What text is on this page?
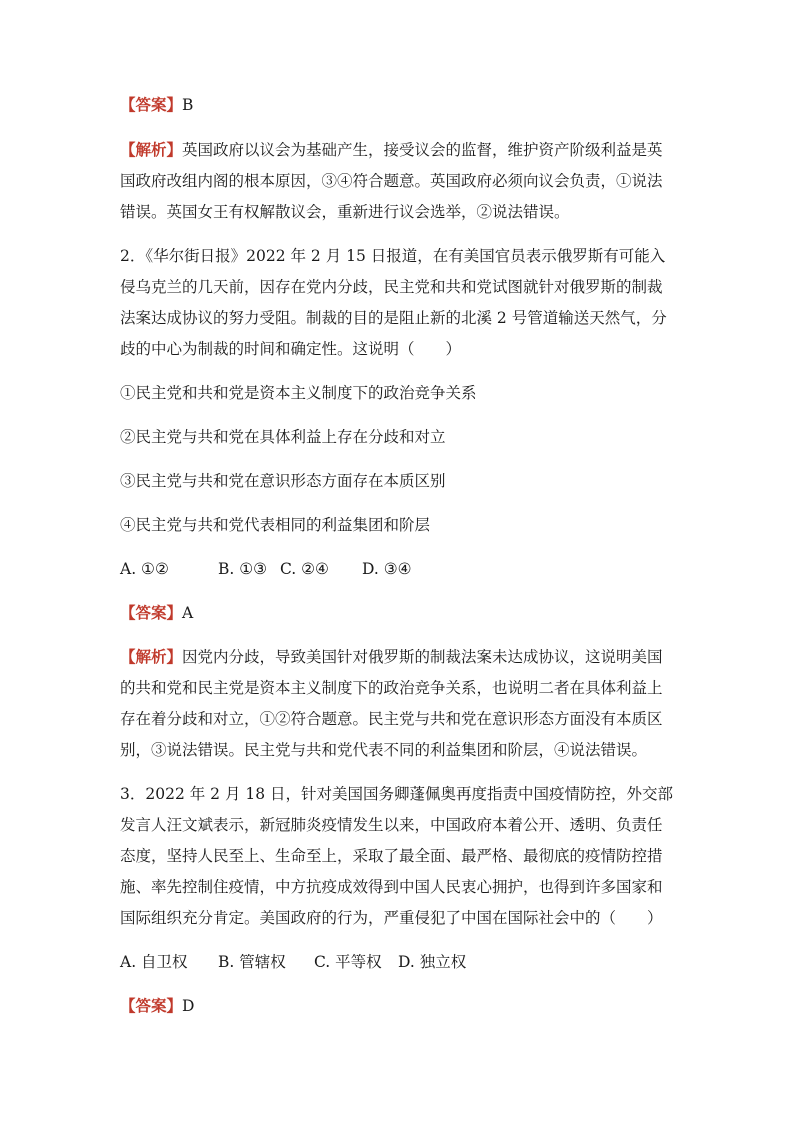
【答案】B

【解析】英国政府以议会为基础产生，接受议会的监督，维护资产阶级利益是英
国政府改组内阁的根本原因，③④符合题意。英国政府必须向议会负责，①说法
错误。英国女王有权解散议会，重新进行议会选举，②说法错误。
2．《华尔街日报》2022 年 2 月 15 日报道，在有美国官员表示俄罗斯有可能入
侵乌克兰的几天前，因存在党内分歧，民主党和共和党试图就针对俄罗斯的制裁
法案达成协议的努力受阻。制裁的目的是阻止新的北溪 2 号管道输送天然气，分
歧的中心为制裁的时间和确定性。这说明（　　）

①民主党和共和党是资本主义制度下的政治竞争关系

②民主党与共和党在具体利益上存在分歧和对立

③民主党与共和党在意识形态方面存在本质区别

④民主党与共和党代表相同的利益集团和阶层

A. ①②	B. ①③ C. ②④ D. ③④

【答案】A

【解析】因党内分歧，导致美国针对俄罗斯的制裁法案未达成协议，这说明美国
的共和党和民主党是资本主义制度下的政治竞争关系，也说明二者在具体利益上
存在着分歧和对立，①②符合题意。民主党与共和党在意识形态方面没有本质区
别，③说法错误。民主党与共和党代表不同的利益集团和阶层，④说法错误。
3．2022 年 2 月 18 日，针对美国国务卿蓬佩奥再度指责中国疫情防控，外交部
发言人汪文斌表示，新冠肺炎疫情发生以来，中国政府本着公开、透明、负责任
态度，坚持人民至上、生命至上，采取了最全面、最严格、最彻底的疫情防控措
施、率先控制住疫情，中方抗疫成效得到中国人民衷心拥护，也得到许多国家和
国际组织充分肯定。美国政府的行为，严重侵犯了中国在国际社会中的（　　）

A. 自卫权 B. 管辖权 C. 平等权 D. 独立权

【答案】D
